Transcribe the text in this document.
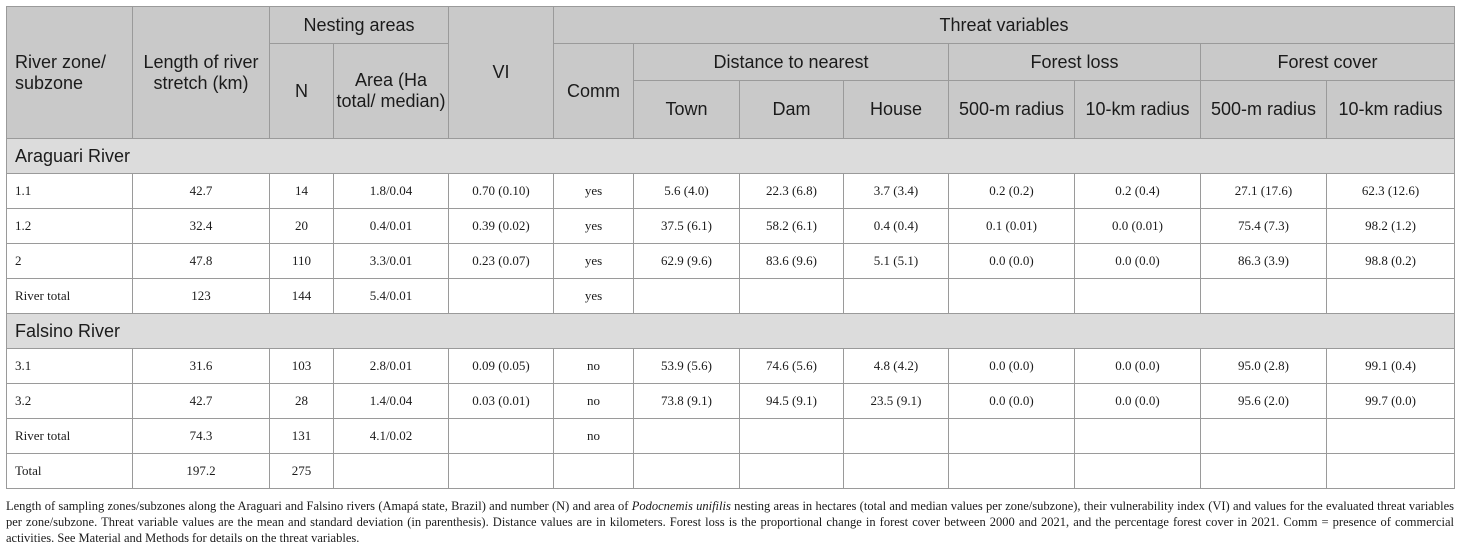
River zone/ subzone	Length of river stretch (km)	Nesting areas		VI	Threat variables							
		N	Area (Ha total/ median)		Comm	Distance to nearest			Forest loss		Forest cover	
						Town	Dam	House	500-m radius	10-km radius	500-m radius	10-km radius
Araguari River												
1.1	42.7	14	1.8/0.04	0.70 (0.10)	yes	5.6 (4.0)	22.3 (6.8)	3.7 (3.4)	0.2 (0.2)	0.2 (0.4)	27.1 (17.6)	62.3 (12.6)
1.2	32.4	20	0.4/0.01	0.39 (0.02)	yes	37.5 (6.1)	58.2 (6.1)	0.4 (0.4)	0.1 (0.01)	0.0 (0.01)	75.4 (7.3)	98.2 (1.2)
2	47.8	110	3.3/0.01	0.23 (0.07)	yes	62.9 (9.6)	83.6 (9.6)	5.1 (5.1)	0.0 (0.0)	0.0 (0.0)	86.3 (3.9)	98.8 (0.2)
River total	123	144	5.4/0.01		yes							
Falsino River												
3.1	31.6	103	2.8/0.01	0.09 (0.05)	no	53.9 (5.6)	74.6 (5.6)	4.8 (4.2)	0.0 (0.0)	0.0 (0.0)	95.0 (2.8)	99.1 (0.4)
3.2	42.7	28	1.4/0.04	0.03 (0.01)	no	73.8 (9.1)	94.5 (9.1)	23.5 (9.1)	0.0 (0.0)	0.0 (0.0)	95.6 (2.0)	99.7 (0.0)
River total	74.3	131	4.1/0.02		no							
Total	197.2	275										
Length of sampling zones/subzones along the Araguari and Falsino rivers (Amapá state, Brazil) and number (N) and area of Podocnemis unifilis nesting areas in hectares (total and median values per zone/subzone), their vulnerability index (VI) and values for the evaluated threat variables per zone/subzone. Threat variable values are the mean and standard deviation (in parenthesis). Distance values are in kilometers. Forest loss is the proportional change in forest cover between 2000 and 2021, and the percentage forest cover in 2021. Comm = presence of commercial activities. See Material and Methods for details on the threat variables.
